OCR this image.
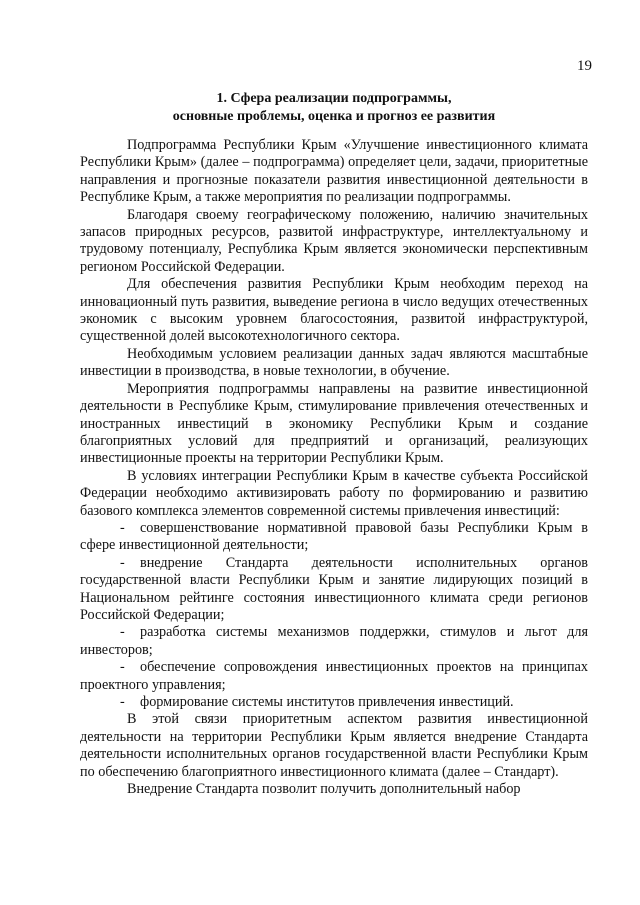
19
1. Сфера реализации подпрограммы,
основные проблемы, оценка и прогноз ее развития

Подпрограмма Республики Крым «Улучшение инвестиционного климата Республики Крым» (далее – подпрограмма) определяет цели, задачи, приоритетные направления и прогнозные показатели развития инвестиционной деятельности в Республике Крым, а также мероприятия по реализации подпрограммы.

Благодаря своему географическому положению, наличию значительных запасов природных ресурсов, развитой инфраструктуре, интеллектуальному и трудовому потенциалу, Республика Крым является экономически перспективным регионом Российской Федерации.

Для обеспечения развития Республики Крым необходим переход на инновационный путь развития, выведение региона в число ведущих отечественных экономик с высоким уровнем благосостояния, развитой инфраструктурой, существенной долей высокотехнологичного сектора.

Необходимым условием реализации данных задач являются масштабные инвестиции в производства, в новые технологии, в обучение.

Мероприятия подпрограммы направлены на развитие инвестиционной деятельности в Республике Крым, стимулирование привлечения отечественных и иностранных инвестиций в экономику Республики Крым и создание благоприятных условий для предприятий и организаций, реализующих инвестиционные проекты на территории Республики Крым.

В условиях интеграции Республики Крым в качестве субъекта Российской Федерации необходимо активизировать работу по формированию и развитию базового комплекса элементов современной системы привлечения инвестиций:

- совершенствование нормативной правовой базы Республики Крым в сфере инвестиционной деятельности;
- внедрение Стандарта деятельности исполнительных органов государственной власти Республики Крым и занятие лидирующих позиций в Национальном рейтинге состояния инвестиционного климата среди регионов Российской Федерации;
- разработка системы механизмов поддержки, стимулов и льгот для инвесторов;
- обеспечение сопровождения инвестиционных проектов на принципах проектного управления;
- формирование системы институтов привлечения инвестиций.

В этой связи приоритетным аспектом развития инвестиционной деятельности на территории Республики Крым является внедрение Стандарта деятельности исполнительных органов государственной власти Республики Крым по обеспечению благоприятного инвестиционного климата (далее – Стандарт).

Внедрение Стандарта позволит получить дополнительный набор
